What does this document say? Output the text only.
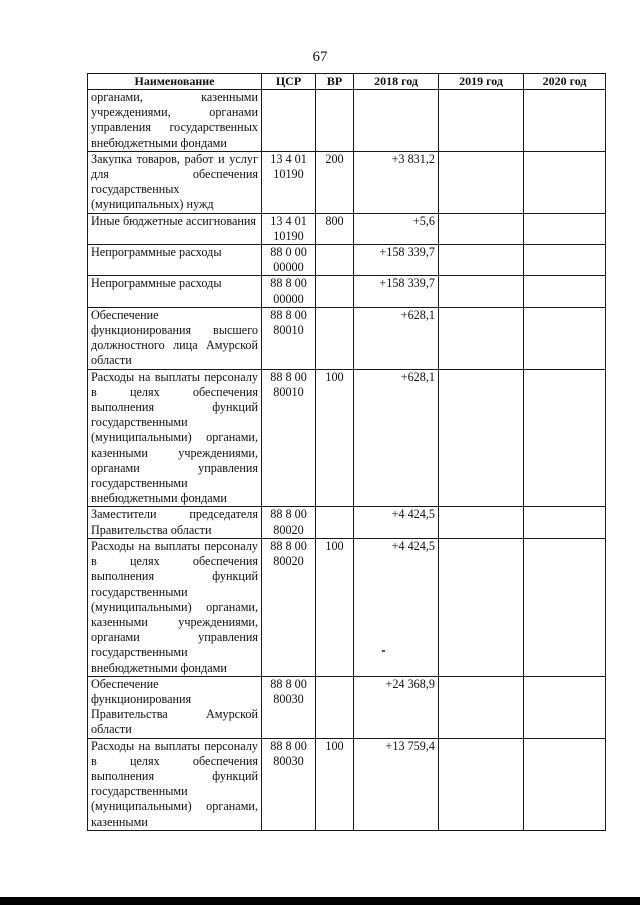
67
Наименование	ЦСР	ВР	2018 год	2019 год	2020 год
органами, казенными учреждениями, органами управления государственных внебюджетными фондами					
Закупка товаров, работ и услуг для обеспечения государственных (муниципальных) нужд	13 4 01 10190	200	+3 831,2		
Иные бюджетные ассигнования	13 4 01 10190	800	+5,6		
Непрограммные расходы	88 0 00 00000		+158 339,7		
Непрограммные расходы	88 8 00 00000		+158 339,7		
Обеспечение функционирования высшего должностного лица Амурской области	88 8 00 80010		+628,1		
Расходы на выплаты персоналу в целях обеспечения выполнения функций государственными (муниципальными) органами, казенными учреждениями, органами управления государственными внебюджетными фондами	88 8 00 80010	100	+628,1		
Заместители председателя Правительства области	88 8 00 80020		+4 424,5		
Расходы на выплаты персоналу в целях обеспечения выполнения функций государственными (муниципальными) органами, казенными учреждениями, органами управления государственными внебюджетными фондами	88 8 00 80020	100	+4 424,5		
Обеспечение функционирования Правительства Амурской области	88 8 00 80030		+24 368,9		
Расходы на выплаты персоналу в целях обеспечения выполнения функций государственными (муниципальными) органами, казенными	88 8 00 80030	100	+13 759,4		
